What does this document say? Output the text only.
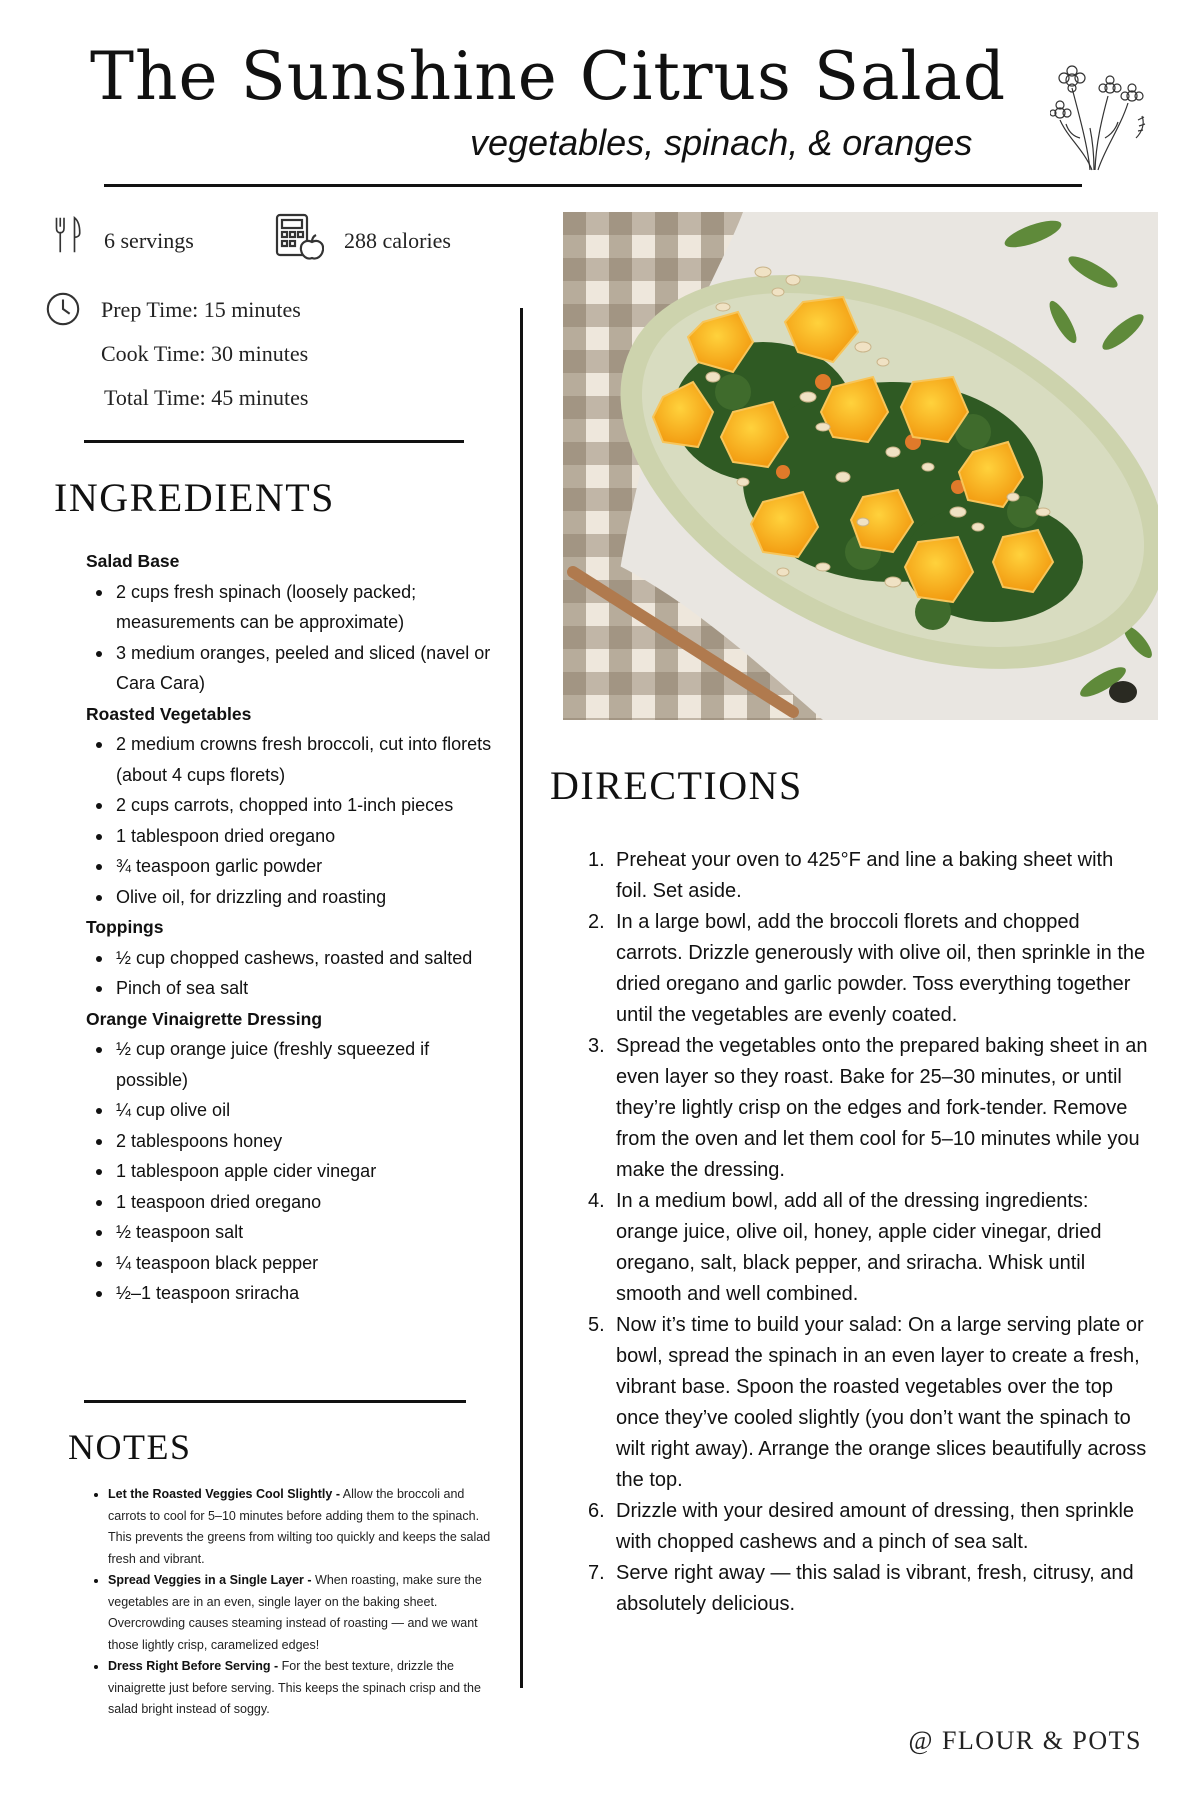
The Sunshine Citrus Salad
vegetables, spinach, & oranges
6 servings	288 calories
Prep Time: 15 minutes
Cook Time: 30 minutes
Total Time: 45 minutes
INGREDIENTS

Salad Base

2 cups fresh spinach (loosely packed; measurements can be approximate)
3 medium oranges, peeled and sliced (navel or Cara Cara)

Roasted Vegetables

2 medium crowns fresh broccoli, cut into florets (about 4 cups florets)
2 cups carrots, chopped into 1-inch pieces
1 tablespoon dried oregano
¾ teaspoon garlic powder
Olive oil, for drizzling and roasting

Toppings

½ cup chopped cashews, roasted and salted
Pinch of sea salt

Orange Vinaigrette Dressing

½ cup orange juice (freshly squeezed if possible)
¼ cup olive oil
2 tablespoons honey
1 tablespoon apple cider vinegar
1 teaspoon dried oregano
½ teaspoon salt
¼ teaspoon black pepper
½–1 teaspoon sriracha
NOTES
Let the Roasted Veggies Cool Slightly - Allow the broccoli and carrots to cool for 5–10 minutes before adding them to the spinach. This prevents the greens from wilting too quickly and keeps the salad fresh and vibrant.
Spread Veggies in a Single Layer - When roasting, make sure the vegetables are in an even, single layer on the baking sheet. Overcrowding causes steaming instead of roasting — and we want those lightly crisp, caramelized edges!
Dress Right Before Serving - For the best texture, drizzle the vinaigrette just before serving. This keeps the spinach crisp and the salad bright instead of soggy.
DIRECTIONS
1. Preheat your oven to 425°F and line a baking sheet with foil. Set aside.
2. In a large bowl, add the broccoli florets and chopped carrots. Drizzle generously with olive oil, then sprinkle in the dried oregano and garlic powder. Toss everything together until the vegetables are evenly coated.
3. Spread the vegetables onto the prepared baking sheet in an even layer so they roast. Bake for 25–30 minutes, or until they’re lightly crisp on the edges and fork-tender. Remove from the oven and let them cool for 5–10 minutes while you make the dressing.
4. In a medium bowl, add all of the dressing ingredients: orange juice, olive oil, honey, apple cider vinegar, dried oregano, salt, black pepper, and sriracha. Whisk until smooth and well combined.
5. Now it’s time to build your salad: On a large serving plate or bowl, spread the spinach in an even layer to create a fresh, vibrant base. Spoon the roasted vegetables over the top once they’ve cooled slightly (you don’t want the spinach to wilt right away). Arrange the orange slices beautifully across the top.
6. Drizzle with your desired amount of dressing, then sprinkle with chopped cashews and a pinch of sea salt.
7. Serve right away — this salad is vibrant, fresh, citrusy, and absolutely delicious.
@ FLOUR & POTS
